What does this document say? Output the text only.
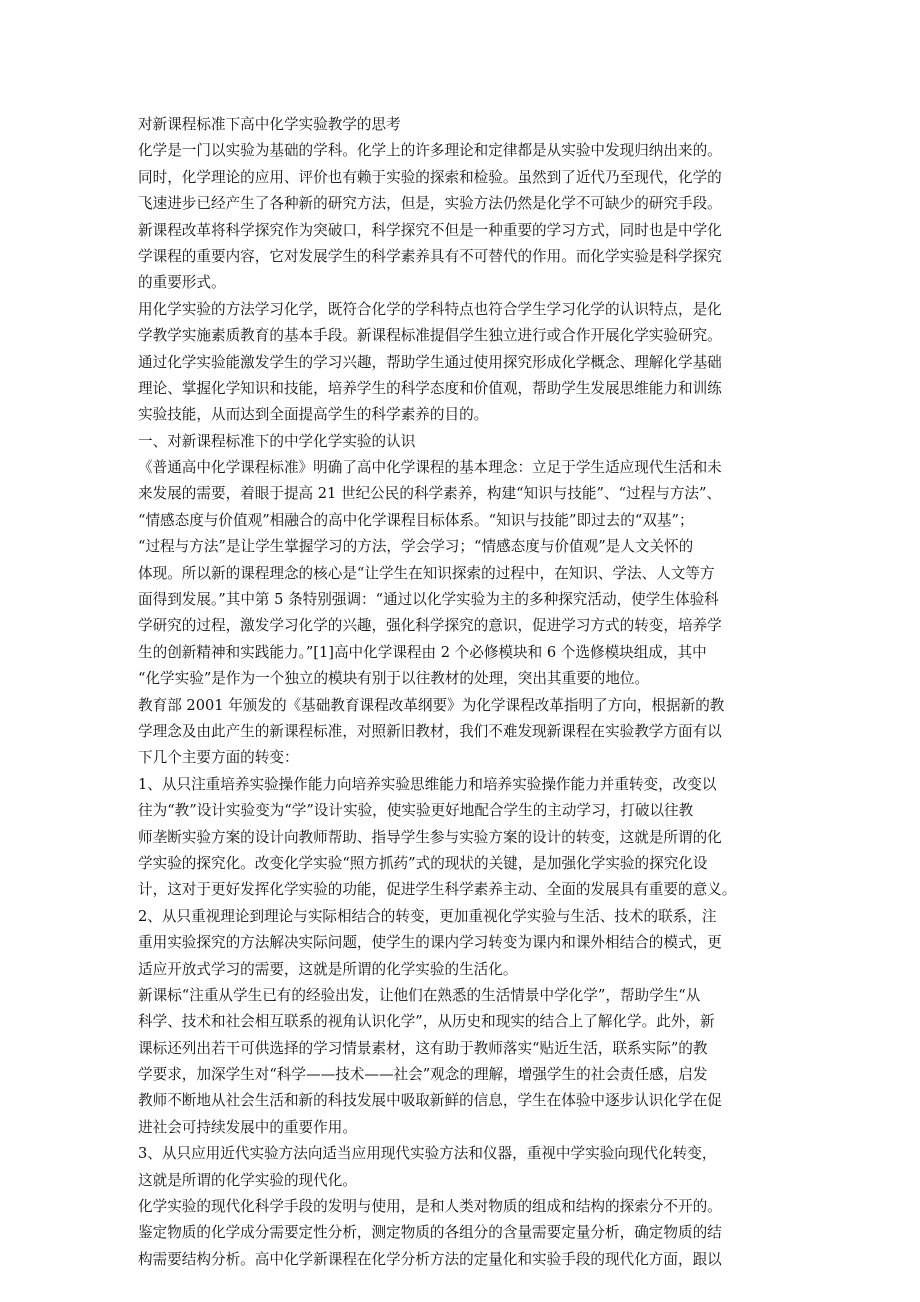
对新课程标准下高中化学实验教学的思考
化学是一门以实验为基础的学科。化学上的许多理论和定律都是从实验中发现归纳出来的。
同时，化学理论的应用、评价也有赖于实验的探索和检验。虽然到了近代乃至现代，化学的
飞速进步已经产生了各种新的研究方法，但是，实验方法仍然是化学不可缺少的研究手段。
新课程改革将科学探究作为突破口，科学探究不但是一种重要的学习方式，同时也是中学化
学课程的重要内容，它对发展学生的科学素养具有不可替代的作用。而化学实验是科学探究
的重要形式。
用化学实验的方法学习化学，既符合化学的学科特点也符合学生学习化学的认识特点，是化
学教学实施素质教育的基本手段。新课程标准提倡学生独立进行或合作开展化学实验研究。
通过化学实验能激发学生的学习兴趣，帮助学生通过使用探究形成化学概念、理解化学基础
理论、掌握化学知识和技能，培养学生的科学态度和价值观，帮助学生发展思维能力和训练
实验技能，从而达到全面提高学生的科学素养的目的。
一、对新课程标准下的中学化学实验的认识
《普通高中化学课程标准》明确了高中化学课程的基本理念：立足于学生适应现代生活和未
来发展的需要，着眼于提高 21 世纪公民的科学素养，构建“知识与技能”、“过程与方法”、
“情感态度与价值观”相融合的高中化学课程目标体系。“知识与技能”即过去的“双基”；
“过程与方法”是让学生掌握学习的方法，学会学习；“情感态度与价值观”是人文关怀的
体现。所以新的课程理念的核心是“让学生在知识探索的过程中，在知识、学法、人文等方
面得到发展。”其中第 5 条特别强调：“通过以化学实验为主的多种探究活动，使学生体验科
学研究的过程，激发学习化学的兴趣，强化科学探究的意识，促进学习方式的转变，培养学
生的创新精神和实践能力。”[1]高中化学课程由 2 个必修模块和 6 个选修模块组成，其中
“化学实验”是作为一个独立的模块有别于以往教材的处理，突出其重要的地位。
教育部 2001 年颁发的《基础教育课程改革纲要》为化学课程改革指明了方向，根据新的教
学理念及由此产生的新课程标准，对照新旧教材，我们不难发现新课程在实验教学方面有以
下几个主要方面的转变：
1、从只注重培养实验操作能力向培养实验思维能力和培养实验操作能力并重转变，改变以
往为“教”设计实验变为“学”设计实验，使实验更好地配合学生的主动学习，打破以往教
师垄断实验方案的设计向教师帮助、指导学生参与实验方案的设计的转变，这就是所谓的化
学实验的探究化。改变化学实验“照方抓药”式的现状的关键，是加强化学实验的探究化设
计，这对于更好发挥化学实验的功能，促进学生科学素养主动、全面的发展具有重要的意义。
2、从只重视理论到理论与实际相结合的转变，更加重视化学实验与生活、技术的联系，注
重用实验探究的方法解决实际问题，使学生的课内学习转变为课内和课外相结合的模式，更
适应开放式学习的需要，这就是所谓的化学实验的生活化。
新课标“注重从学生已有的经验出发，让他们在熟悉的生活情景中学化学”，帮助学生“从
科学、技术和社会相互联系的视角认识化学”，从历史和现实的结合上了解化学。此外，新
课标还列出若干可供选择的学习情景素材，这有助于教师落实“贴近生活，联系实际”的教
学要求，加深学生对“科学——技术——社会”观念的理解，增强学生的社会责任感，启发
教师不断地从社会生活和新的科技发展中吸取新鲜的信息，学生在体验中逐步认识化学在促
进社会可持续发展中的重要作用。
3、从只应用近代实验方法向适当应用现代实验方法和仪器，重视中学实验向现代化转变，
这就是所谓的化学实验的现代化。
化学实验的现代化科学手段的发明与使用，是和人类对物质的组成和结构的探索分不开的。
鉴定物质的化学成分需要定性分析，测定物质的各组分的含量需要定量分析，确定物质的结
构需要结构分析。高中化学新课程在化学分析方法的定量化和实验手段的现代化方面，跟以
